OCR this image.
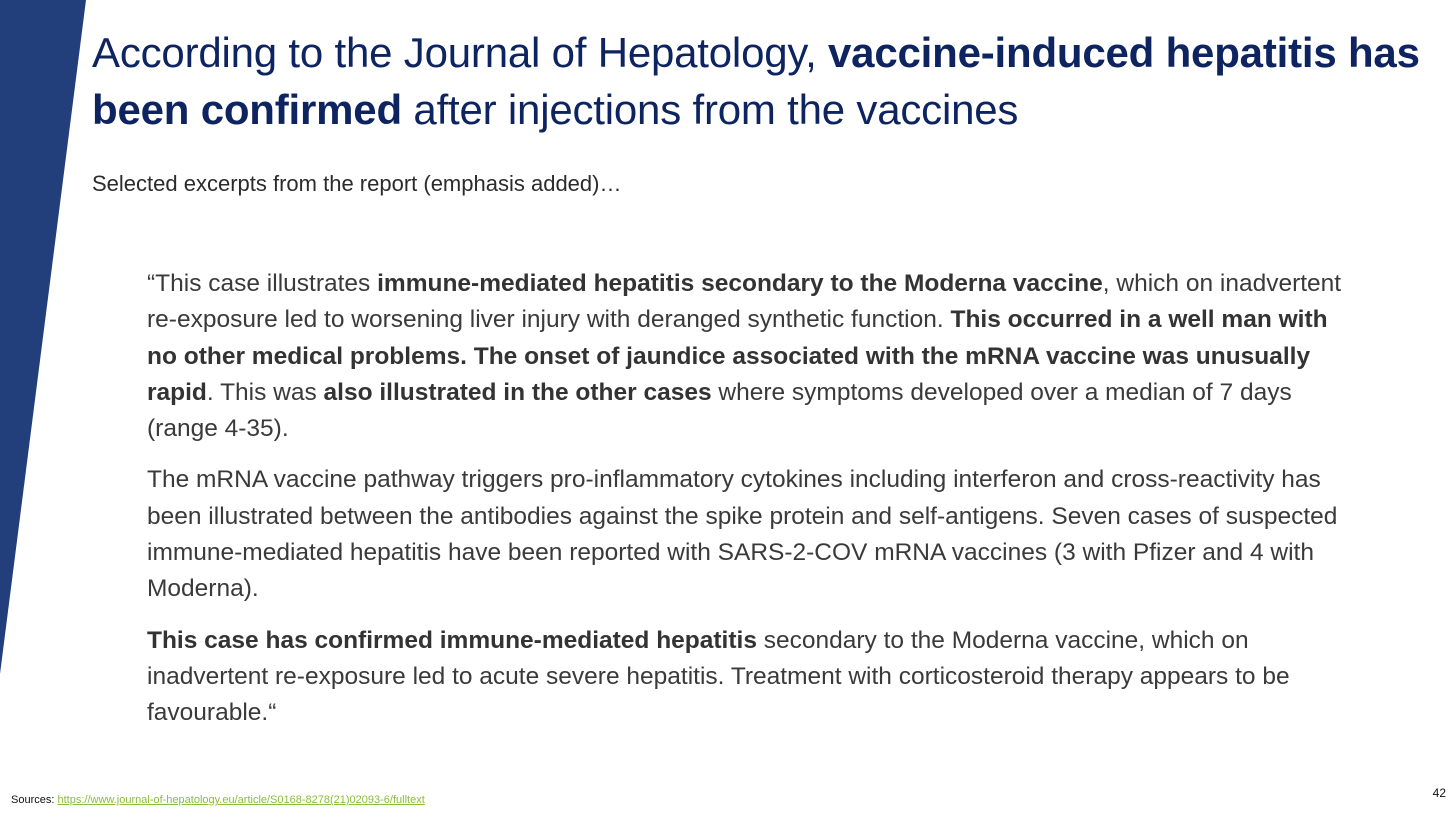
According to the Journal of Hepatology, vaccine-induced hepatitis has been confirmed after injections from the vaccines

Selected excerpts from the report (emphasis added)…

“This case illustrates immune-mediated hepatitis secondary to the Moderna vaccine, which on inadvertent re-exposure led to worsening liver injury with deranged synthetic function. This occurred in a well man with no other medical problems. The onset of jaundice associated with the mRNA vaccine was unusually rapid. This was also illustrated in the other cases where symptoms developed over a median of 7 days (range 4-35).

The mRNA vaccine pathway triggers pro-inflammatory cytokines including interferon and cross-reactivity has been illustrated between the antibodies against the spike protein and self-antigens. Seven cases of suspected immune-mediated hepatitis have been reported with SARS-2-COV mRNA vaccines (3 with Pfizer and 4 with Moderna).

This case has confirmed immune-mediated hepatitis secondary to the Moderna vaccine, which on inadvertent re-exposure led to acute severe hepatitis. Treatment with corticosteroid therapy appears to be favourable.“

Sources: https://www.journal-of-hepatology.eu/article/S0168-8278(21)02093-6/fulltext	42
